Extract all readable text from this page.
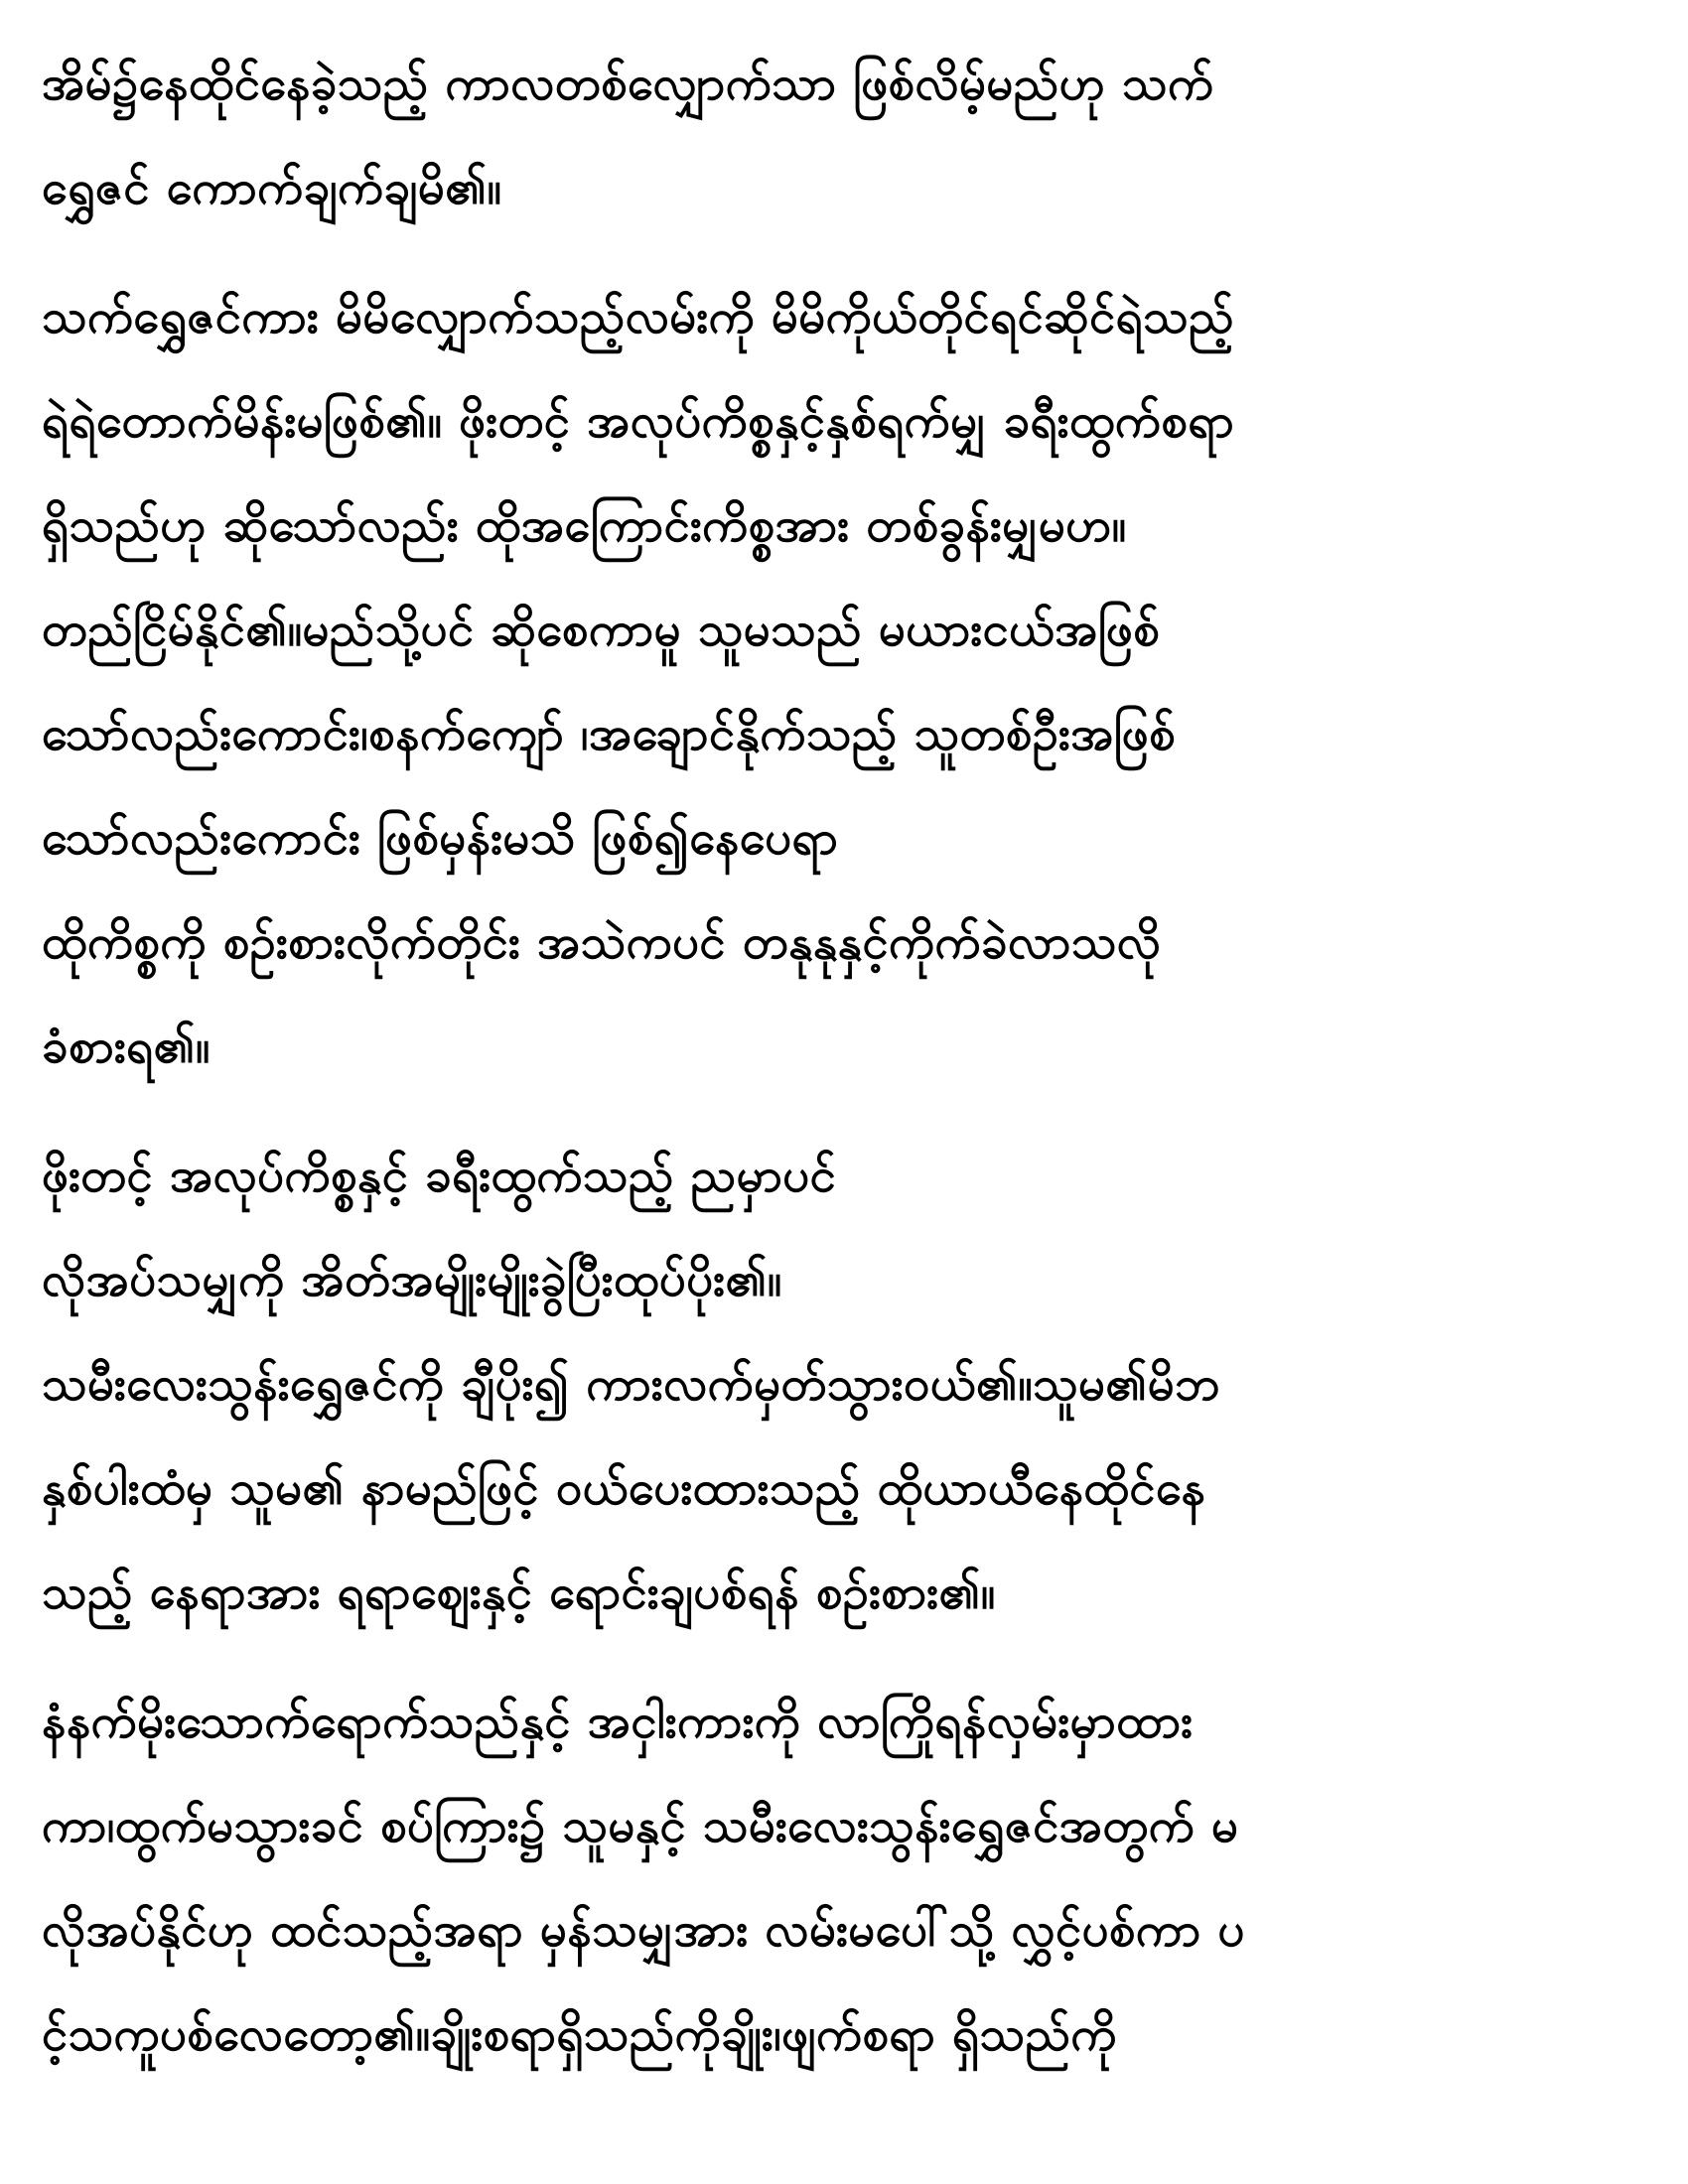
အိမ်၌နေထိုင်နေခဲ့သည့် ကာလတစ်လျှောက်သာ ဖြစ်လိမ့်မည်ဟု သက်
ရွှေဇင် ကောက်ချက်ချမိ၏။
သက်ရွှေဇင်ကား မိမိလျှောက်သည့်လမ်းကို မိမိကိုယ်တိုင်ရင်ဆိုင်ရဲသည့်
ရဲရဲတောက်မိန်းမဖြစ်၏။ ဖိုးတင့် အလုပ်ကိစ္စနှင့်နှစ်ရက်မျှ ခရီးထွက်စရာ
ရှိသည်ဟု ဆိုသော်လည်း ထိုအကြောင်းကိစ္စအား တစ်ခွန်းမျှမဟ။
တည်ငြိမ်နိုင်၏။မည်သို့ပင် ဆိုစေကာမူ သူမသည် မယားငယ်အဖြစ်
သော်လည်းကောင်း၊စနက်ကျော် ၊အချောင်နိုက်သည့် သူတစ်ဦးအဖြစ်
သော်လည်းကောင်း ဖြစ်မှန်းမသိ ဖြစ်၍နေပေရာ
ထိုကိစ္စကို စဉ်းစားလိုက်တိုင်း အသဲကပင် တနုနုနှင့်ကိုက်ခဲလာသလို
ခံစားရ၏။
ဖိုးတင့် အလုပ်ကိစ္စနှင့် ခရီးထွက်သည့် ညမှာပင်
လိုအပ်သမျှကို အိတ်အမျိုးမျိုးခွဲပြီးထုပ်ပိုး၏။
သမီးလေးသွန်းရွှေဇင်ကို ချီပိုး၍ ကားလက်မှတ်သွားဝယ်၏။သူမ၏မိဘ
နှစ်ပါးထံမှ သူမ၏ နာမည်ဖြင့် ဝယ်ပေးထားသည့် ထိုယာယီနေထိုင်နေ
သည့် နေရာအား ရရာဈေးနှင့် ရောင်းချပစ်ရန် စဉ်းစား၏။
နံနက်မိုးသောက်ရောက်သည်နှင့် အငှါးကားကို လာကြိုရန်လှမ်းမှာထား
ကာ၊ထွက်မသွားခင် စပ်ကြား၌ သူမနှင့် သမီးလေးသွန်းရွှေဇင်အတွက် မ
လိုအပ်နိုင်ဟု ထင်သည့်အရာ မှန်သမျှအား လမ်းမပေါ်သို့ လွှင့်ပစ်ကာ ပ
င့်သကူပစ်လေတော့၏။ချိုးစရာရှိသည်ကိုချိုး၊ဖျက်စရာ ရှိသည်ကို
